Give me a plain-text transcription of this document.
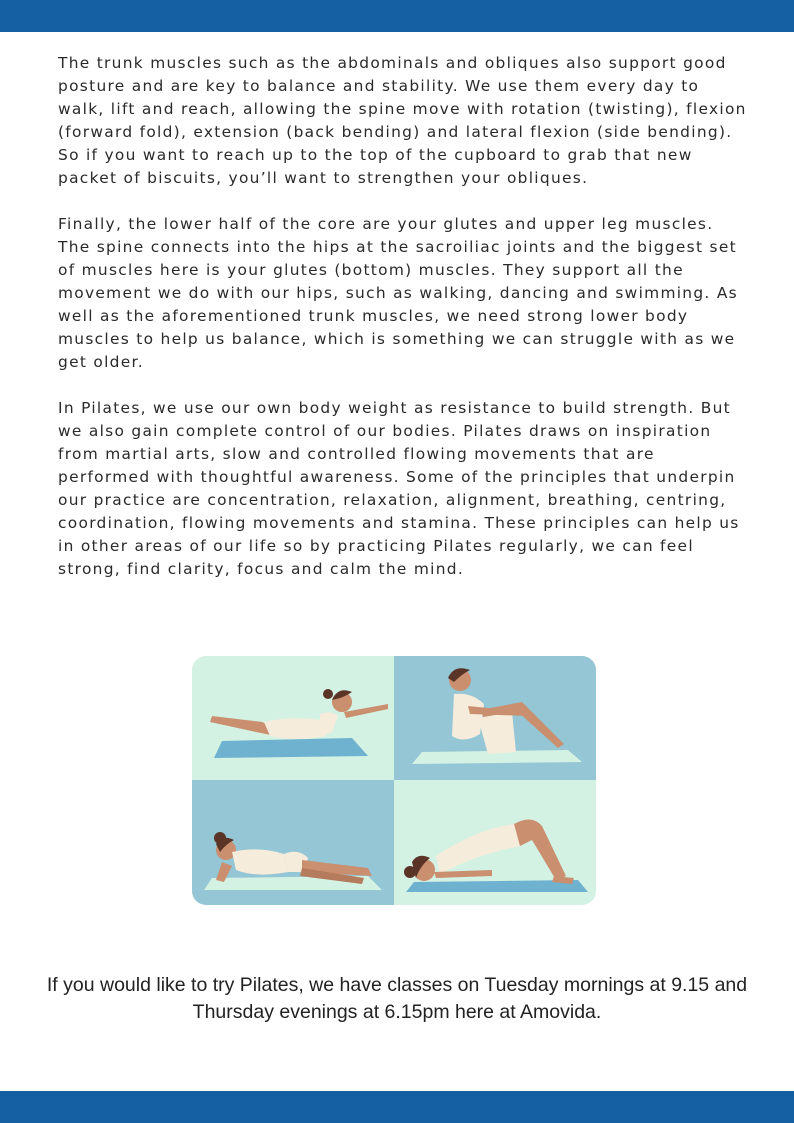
The trunk muscles such as the abdominals and obliques also support good posture and are key to balance and stability. We use them every day to walk, lift and reach, allowing the spine move with rotation (twisting), flexion (forward fold), extension (back bending) and lateral flexion (side bending). So if you want to reach up to the top of the cupboard to grab that new packet of biscuits, you’ll want to strengthen your obliques.

Finally, the lower half of the core are your glutes and upper leg muscles. The spine connects into the hips at the sacroiliac joints and the biggest set of muscles here is your glutes (bottom) muscles. They support all the movement we do with our hips, such as walking, dancing and swimming. As well as the aforementioned trunk muscles, we need strong lower body muscles to help us balance, which is something we can struggle with as we get older.

In Pilates, we use our own body weight as resistance to build strength. But we also gain complete control of our bodies. Pilates draws on inspiration from martial arts, slow and controlled flowing movements that are performed with thoughtful awareness. Some of the principles that underpin our practice are concentration, relaxation, alignment, breathing, centring, coordination, flowing movements and stamina. These principles can help us in other areas of our life so by practicing Pilates regularly, we can feel strong, find clarity, focus and calm the mind.

If you would like to try Pilates, we have classes on Tuesday mornings at 9.15 and Thursday evenings at 6.15pm here at Amovida.
